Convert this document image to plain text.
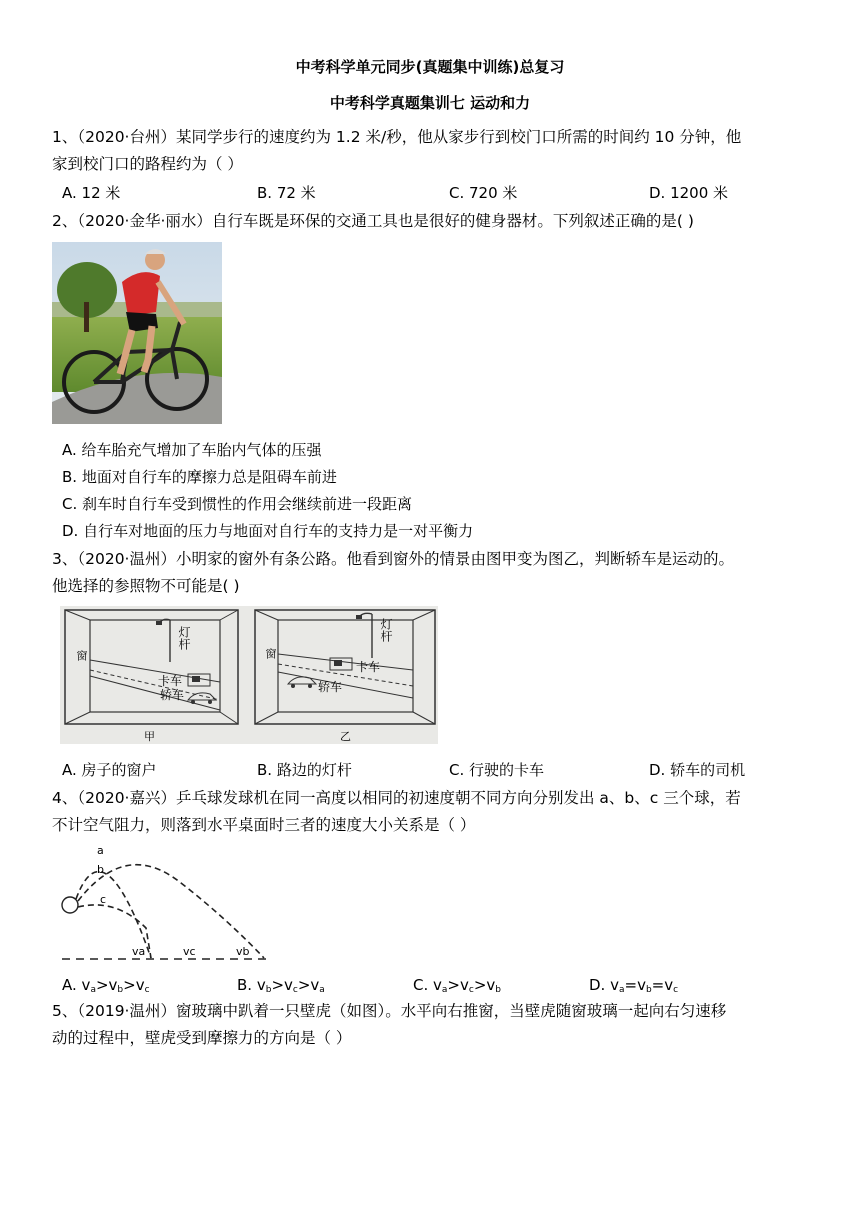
中考科学单元同步(真题集中训练)总复习
中考科学真题集训七 运动和力
1、（2020·台州）某同学步行的速度约为 1.2 米/秒，他从家步行到校门口所需的时间约 10 分钟，他
家到校门口的路程约为（ ）
A. 12 米	B. 72 米	C. 720 米	D. 1200 米
2、（2020·金华·丽水）自行车既是环保的交通工具也是很好的健身器材。下列叙述正确的是( )
A. 给车胎充气增加了车胎内气体的压强
B. 地面对自行车的摩擦力总是阻碍车前进
C. 刹车时自行车受到惯性的作用会继续前进一段距离
D. 自行车对地面的压力与地面对自行车的支持力是一对平衡力
3、（2020·温州）小明家的窗外有条公路。他看到窗外的情景由图甲变为图乙，判断轿车是运动的。
他选择的参照物不可能是( )
窗
灯杆
卡车
轿车
窗
灯杆
卡车
轿车
甲	乙
A. 房子的窗户	B. 路边的灯杆	C. 行驶的卡车	D. 轿车的司机
4、（2020·嘉兴）乒乓球发球机在同一高度以相同的初速度朝不同方向分别发出 a、b、c 三个球，若
不计空气阻力，则落到水平桌面时三者的速度大小关系是（ ）
a
b
c
va	vc	vb
A. $v_a>v_b>v_c$	B. $v_b>v_c>v_a$	C. $v_a>v_c>v_b$	D. $v_a=v_b=v_c$
5、（2019·温州）窗玻璃中趴着一只壁虎（如图）。水平向右推窗，当壁虎随窗玻璃一起向右匀速移
动的过程中，壁虎受到摩擦力的方向是（ ）
